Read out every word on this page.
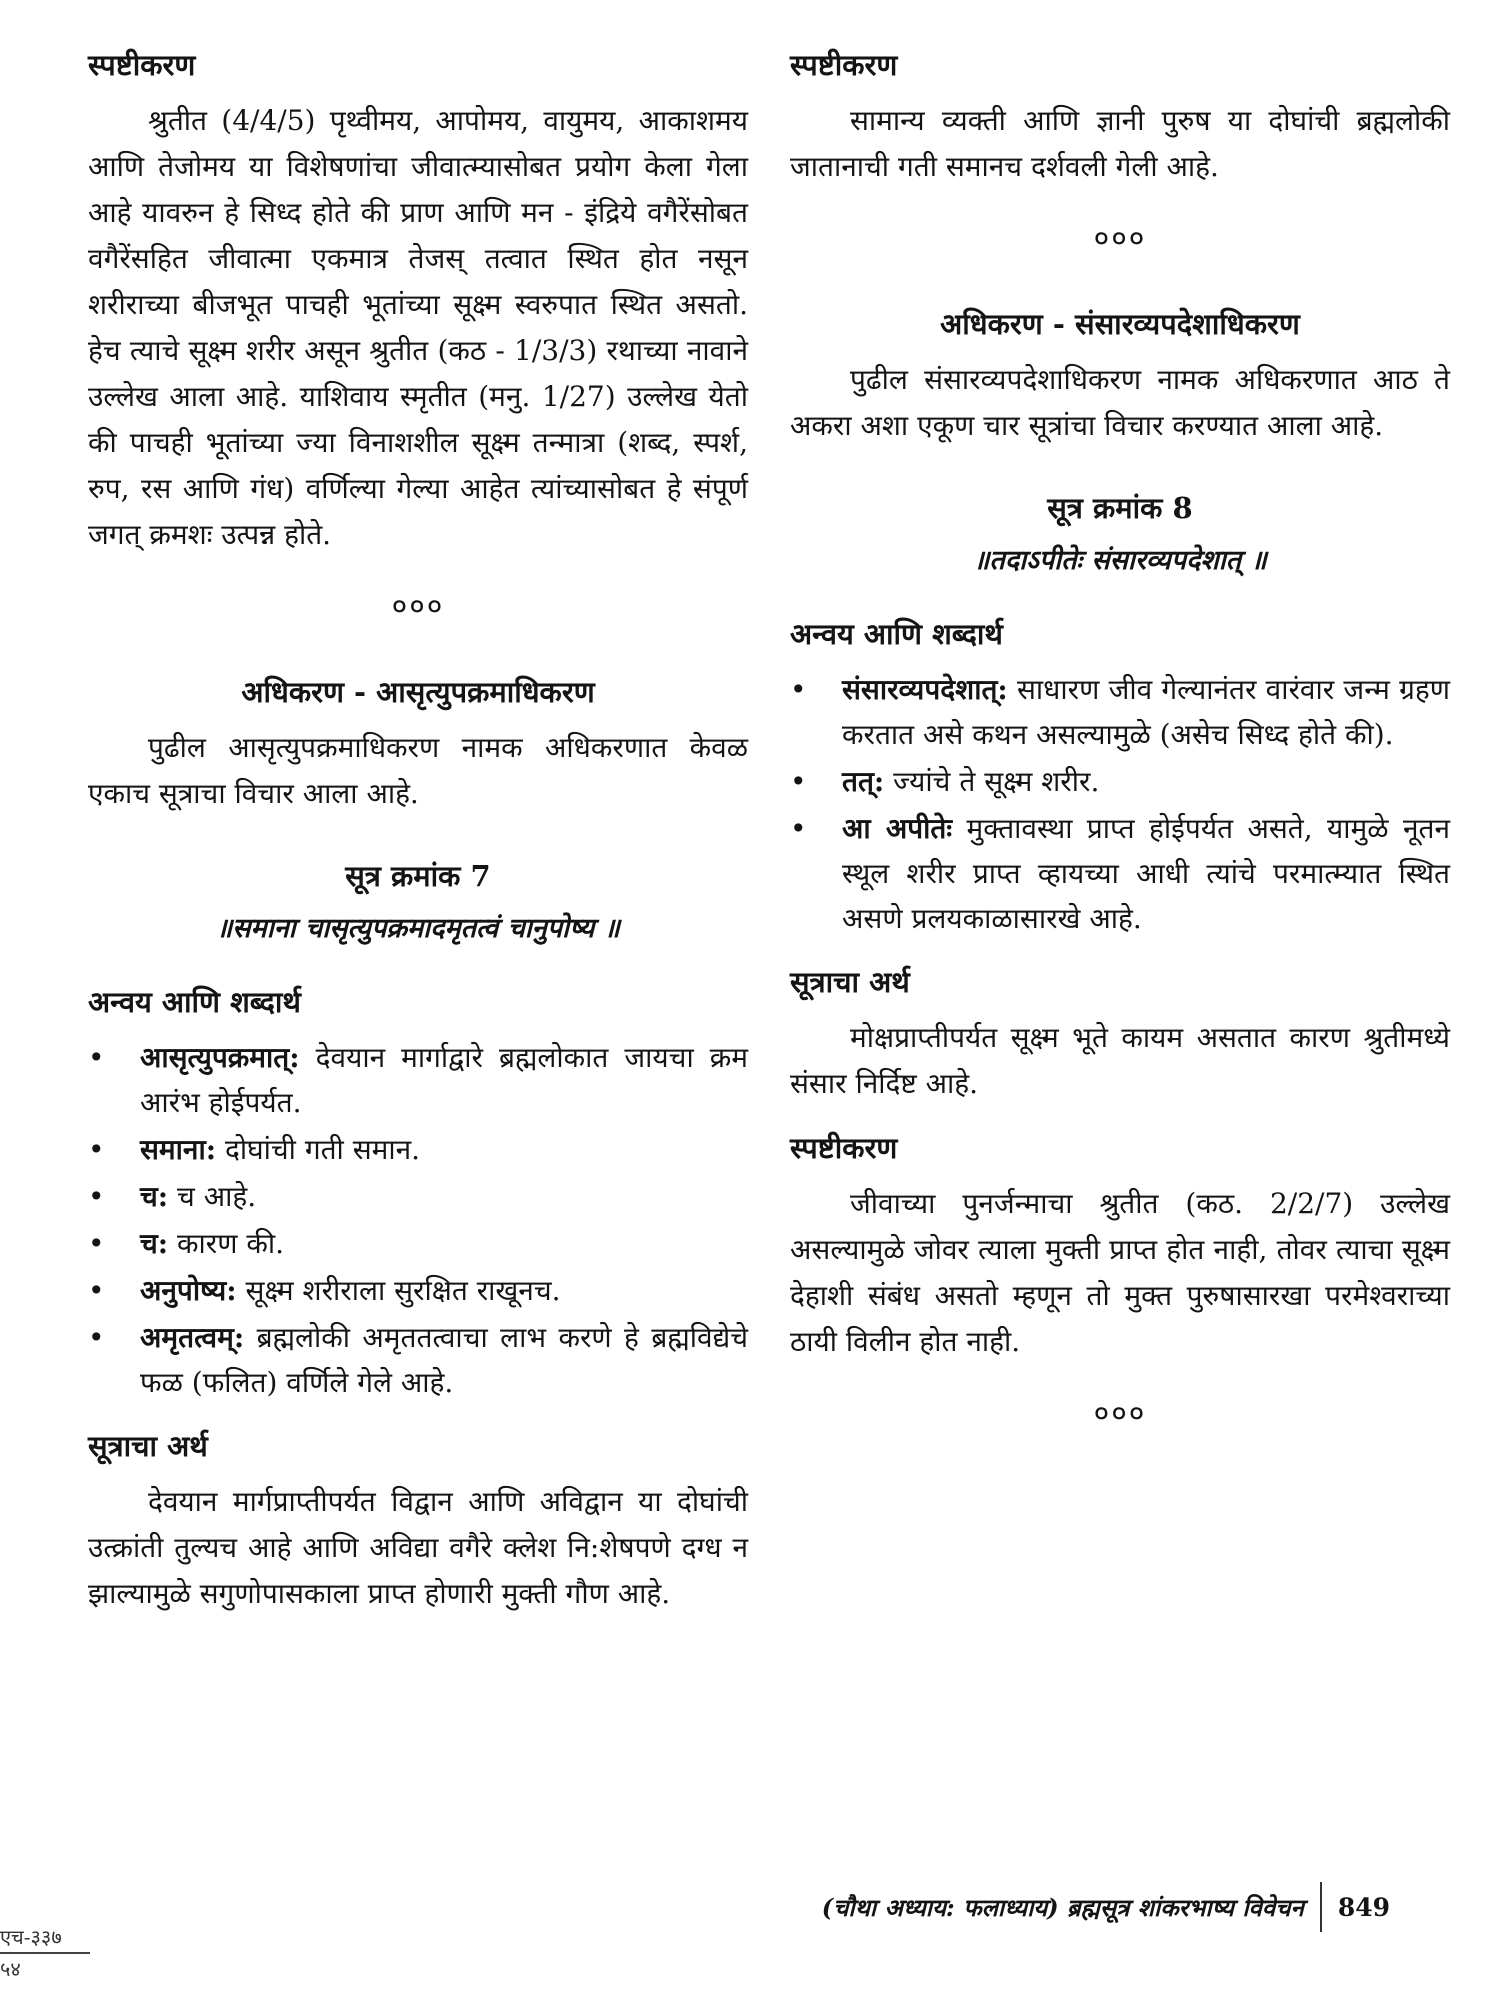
स्पष्टीकरण

श्रुतीत (4/4/5) पृथ्वीमय, आपोमय, वायुमय, आकाशमय आणि तेजोमय या विशेषणांचा जीवात्म्यासोबत प्रयोग केला गेला आहे यावरुन हे सिध्द होते की प्राण आणि मन - इंद्रिये वगैरेंसोबत वगैरेंसहित जीवात्मा एकमात्र तेजस् तत्वात स्थित होत नसून शरीराच्या बीजभूत पाचही भूतांच्या सूक्ष्म स्वरुपात स्थित असतो. हेच त्याचे सूक्ष्म शरीर असून श्रुतीत (कठ - 1/3/3) रथाच्या नावाने उल्लेख आला आहे. याशिवाय स्मृतीत (मनु. 1/27) उल्लेख येतो की पाचही भूतांच्या ज्या विनाशशील सूक्ष्म तन्मात्रा (शब्द, स्पर्श, रुप, रस आणि गंध) वर्णिल्या गेल्या आहेत त्यांच्यासोबत हे संपूर्ण जगत् क्रमशः उत्पन्न होते.

०००
अधिकरण - आसृत्युपक्रमाधिकरण

पुढील आसृत्युपक्रमाधिकरण नामक अधिकरणात केवळ एकाच सूत्राचा विचार आला आहे.

सूत्र क्रमांक 7
॥समाना चासृत्युपक्रमादमृतत्वं चानुपोष्य ॥
अन्वय आणि शब्दार्थ
• आसृत्युपक्रमात्: देवयान मार्गाद्वारे ब्रह्मलोकात जायचा क्रम आरंभ होईपर्यत.
• समाना: दोघांची गती समान.
• च: च आहे.
• च: कारण की.
• अनुपोष्य: सूक्ष्म शरीराला सुरक्षित राखूनच.
• अमृतत्वम्: ब्रह्मलोकी अमृततत्वाचा लाभ करणे हे ब्रह्मविद्येचे फळ (फलित) वर्णिले गेले आहे.
सूत्राचा अर्थ

देवयान मार्गप्राप्तीपर्यत विद्वान आणि अविद्वान या दोघांची उत्क्रांती तुल्यच आहे आणि अविद्या वगैरे क्लेश नि:शेषपणे दग्ध न झाल्यामुळे सगुणोपासकाला प्राप्त होणारी मुक्ती गौण आहे.

स्पष्टीकरण

सामान्य व्यक्ती आणि ज्ञानी पुरुष या दोघांची ब्रह्मलोकी जातानाची गती समानच दर्शवली गेली आहे.

०००
अधिकरण - संसारव्यपदेशाधिकरण

पुढील संसारव्यपदेशाधिकरण नामक अधिकरणात आठ ते अकरा अशा एकूण चार सूत्रांचा विचार करण्यात आला आहे.

सूत्र क्रमांक 8
॥तदाऽपीतेः संसारव्यपदेशात् ॥
अन्वय आणि शब्दार्थ
• संसारव्यपदेशात्: साधारण जीव गेल्यानंतर वारंवार जन्म ग्रहण करतात असे कथन असल्यामुळे (असेच सिध्द होते की).
• तत्: ज्यांचे ते सूक्ष्म शरीर.
• आ अपीतेः मुक्तावस्था प्राप्त होईपर्यत असते, यामुळे नूतन स्थूल शरीर प्राप्त व्हायच्या आधी त्यांचे परमात्म्यात स्थित असणे प्रलयकाळासारखे आहे.
सूत्राचा अर्थ

मोक्षप्राप्तीपर्यत सूक्ष्म भूते कायम असतात कारण श्रुतीमध्ये संसार निर्दिष्ट आहे.

स्पष्टीकरण

जीवाच्या पुनर्जन्माचा श्रुतीत (कठ. 2/2/7) उल्लेख असल्यामुळे जोवर त्याला मुक्ती प्राप्त होत नाही, तोवर त्याचा सूक्ष्म देहाशी संबंध असतो म्हणून तो मुक्त पुरुषासारखा परमेश्वराच्या ठायी विलीन होत नाही.

०००
(चौथा अध्याय: फलाध्याय) ब्रह्मसूत्र शांकरभाष्य विवेचन	849
एच-३३७
५४
